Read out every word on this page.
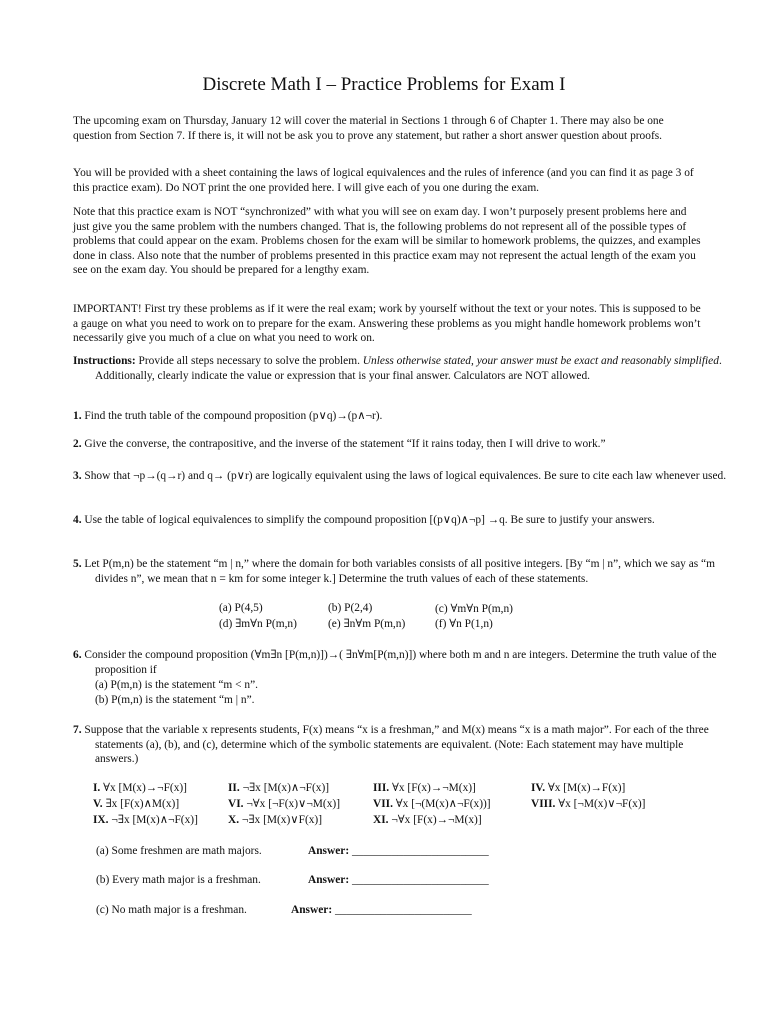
Discrete Math I – Practice Problems for Exam I

The upcoming exam on Thursday, January 12 will cover the material in Sections 1 through 6 of Chapter 1. There may also be one question from Section 7. If there is, it will not be ask you to prove any statement, but rather a short answer question about proofs.

You will be provided with a sheet containing the laws of logical equivalences and the rules of inference (and you can find it as page 3 of this practice exam). Do NOT print the one provided here. I will give each of you one during the exam.

Note that this practice exam is NOT “synchronized” with what you will see on exam day. I won’t purposely present problems here and just give you the same problem with the numbers changed. That is, the following problems do not represent all of the possible types of problems that could appear on the exam. Problems chosen for the exam will be similar to homework problems, the quizzes, and examples done in class. Also note that the number of problems presented in this practice exam may not represent the actual length of the exam you see on the exam day. You should be prepared for a lengthy exam.

IMPORTANT! First try these problems as if it were the real exam; work by yourself without the text or your notes. This is supposed to be a gauge on what you need to work on to prepare for the exam. Answering these problems as you might handle homework problems won’t necessarily give you much of a clue on what you need to work on.

Instructions: Provide all steps necessary to solve the problem. Unless otherwise stated, your answer must be exact and reasonably simplified. Additionally, clearly indicate the value or expression that is your final answer. Calculators are NOT allowed.

1. Find the truth table of the compound proposition (p∨q)→(p∧¬r).

2. Give the converse, the contrapositive, and the inverse of the statement “If it rains today, then I will drive to work.”

3. Show that ¬p→(q→r) and q→ (p∨r) are logically equivalent using the laws of logical equivalences. Be sure to cite each law whenever used.

4. Use the table of logical equivalences to simplify the compound proposition [(p∨q)∧¬p] →q. Be sure to justify your answers.

5. Let P(m,n) be the statement “m | n,” where the domain for both variables consists of all positive integers. [By “m | n”, which we say as “m divides n”, we mean that n = km for some integer k.] Determine the truth values of each of these statements.

(a) P(4,5)	(b) P(2,4)	(c) ∀m∀n P(m,n)
(d) ∃m∀n P(m,n)	(e) ∃n∀m P(m,n)	(f) ∀n P(1,n)

6. Consider the compound proposition (∀m∃n [P(m,n)])→( ∃n∀m[P(m,n)]) where both m and n are integers. Determine the truth value of the proposition if

(a) P(m,n) is the statement “m < n”.
(b) P(m,n) is the statement “m | n”.

7. Suppose that the variable x represents students, F(x) means “x is a freshman,” and M(x) means “x is a math major”. For each of the three statements (a), (b), and (c), determine which of the symbolic statements are equivalent. (Note: Each statement may have multiple answers.)

I. ∀x [M(x)→¬F(x)]	II. ¬∃x [M(x)∧¬F(x)]	III. ∀x [F(x)→¬M(x)]	IV. ∀x [M(x)→F(x)]
V. ∃x [F(x)∧M(x)]	VI. ¬∀x [¬F(x)∨¬M(x)]	VII. ∀x [¬(M(x)∧¬F(x))]	VIII. ∀x [¬M(x)∨¬F(x)]
IX. ¬∃x [M(x)∧¬F(x)]	X. ¬∃x [M(x)∨F(x)]	XI. ¬∀x [F(x)→¬M(x)]
(a) Some freshmen are math majors.	Answer: ________________________
(b) Every math major is a freshman.	Answer: ________________________
(c) No math major is a freshman.	Answer: ________________________
